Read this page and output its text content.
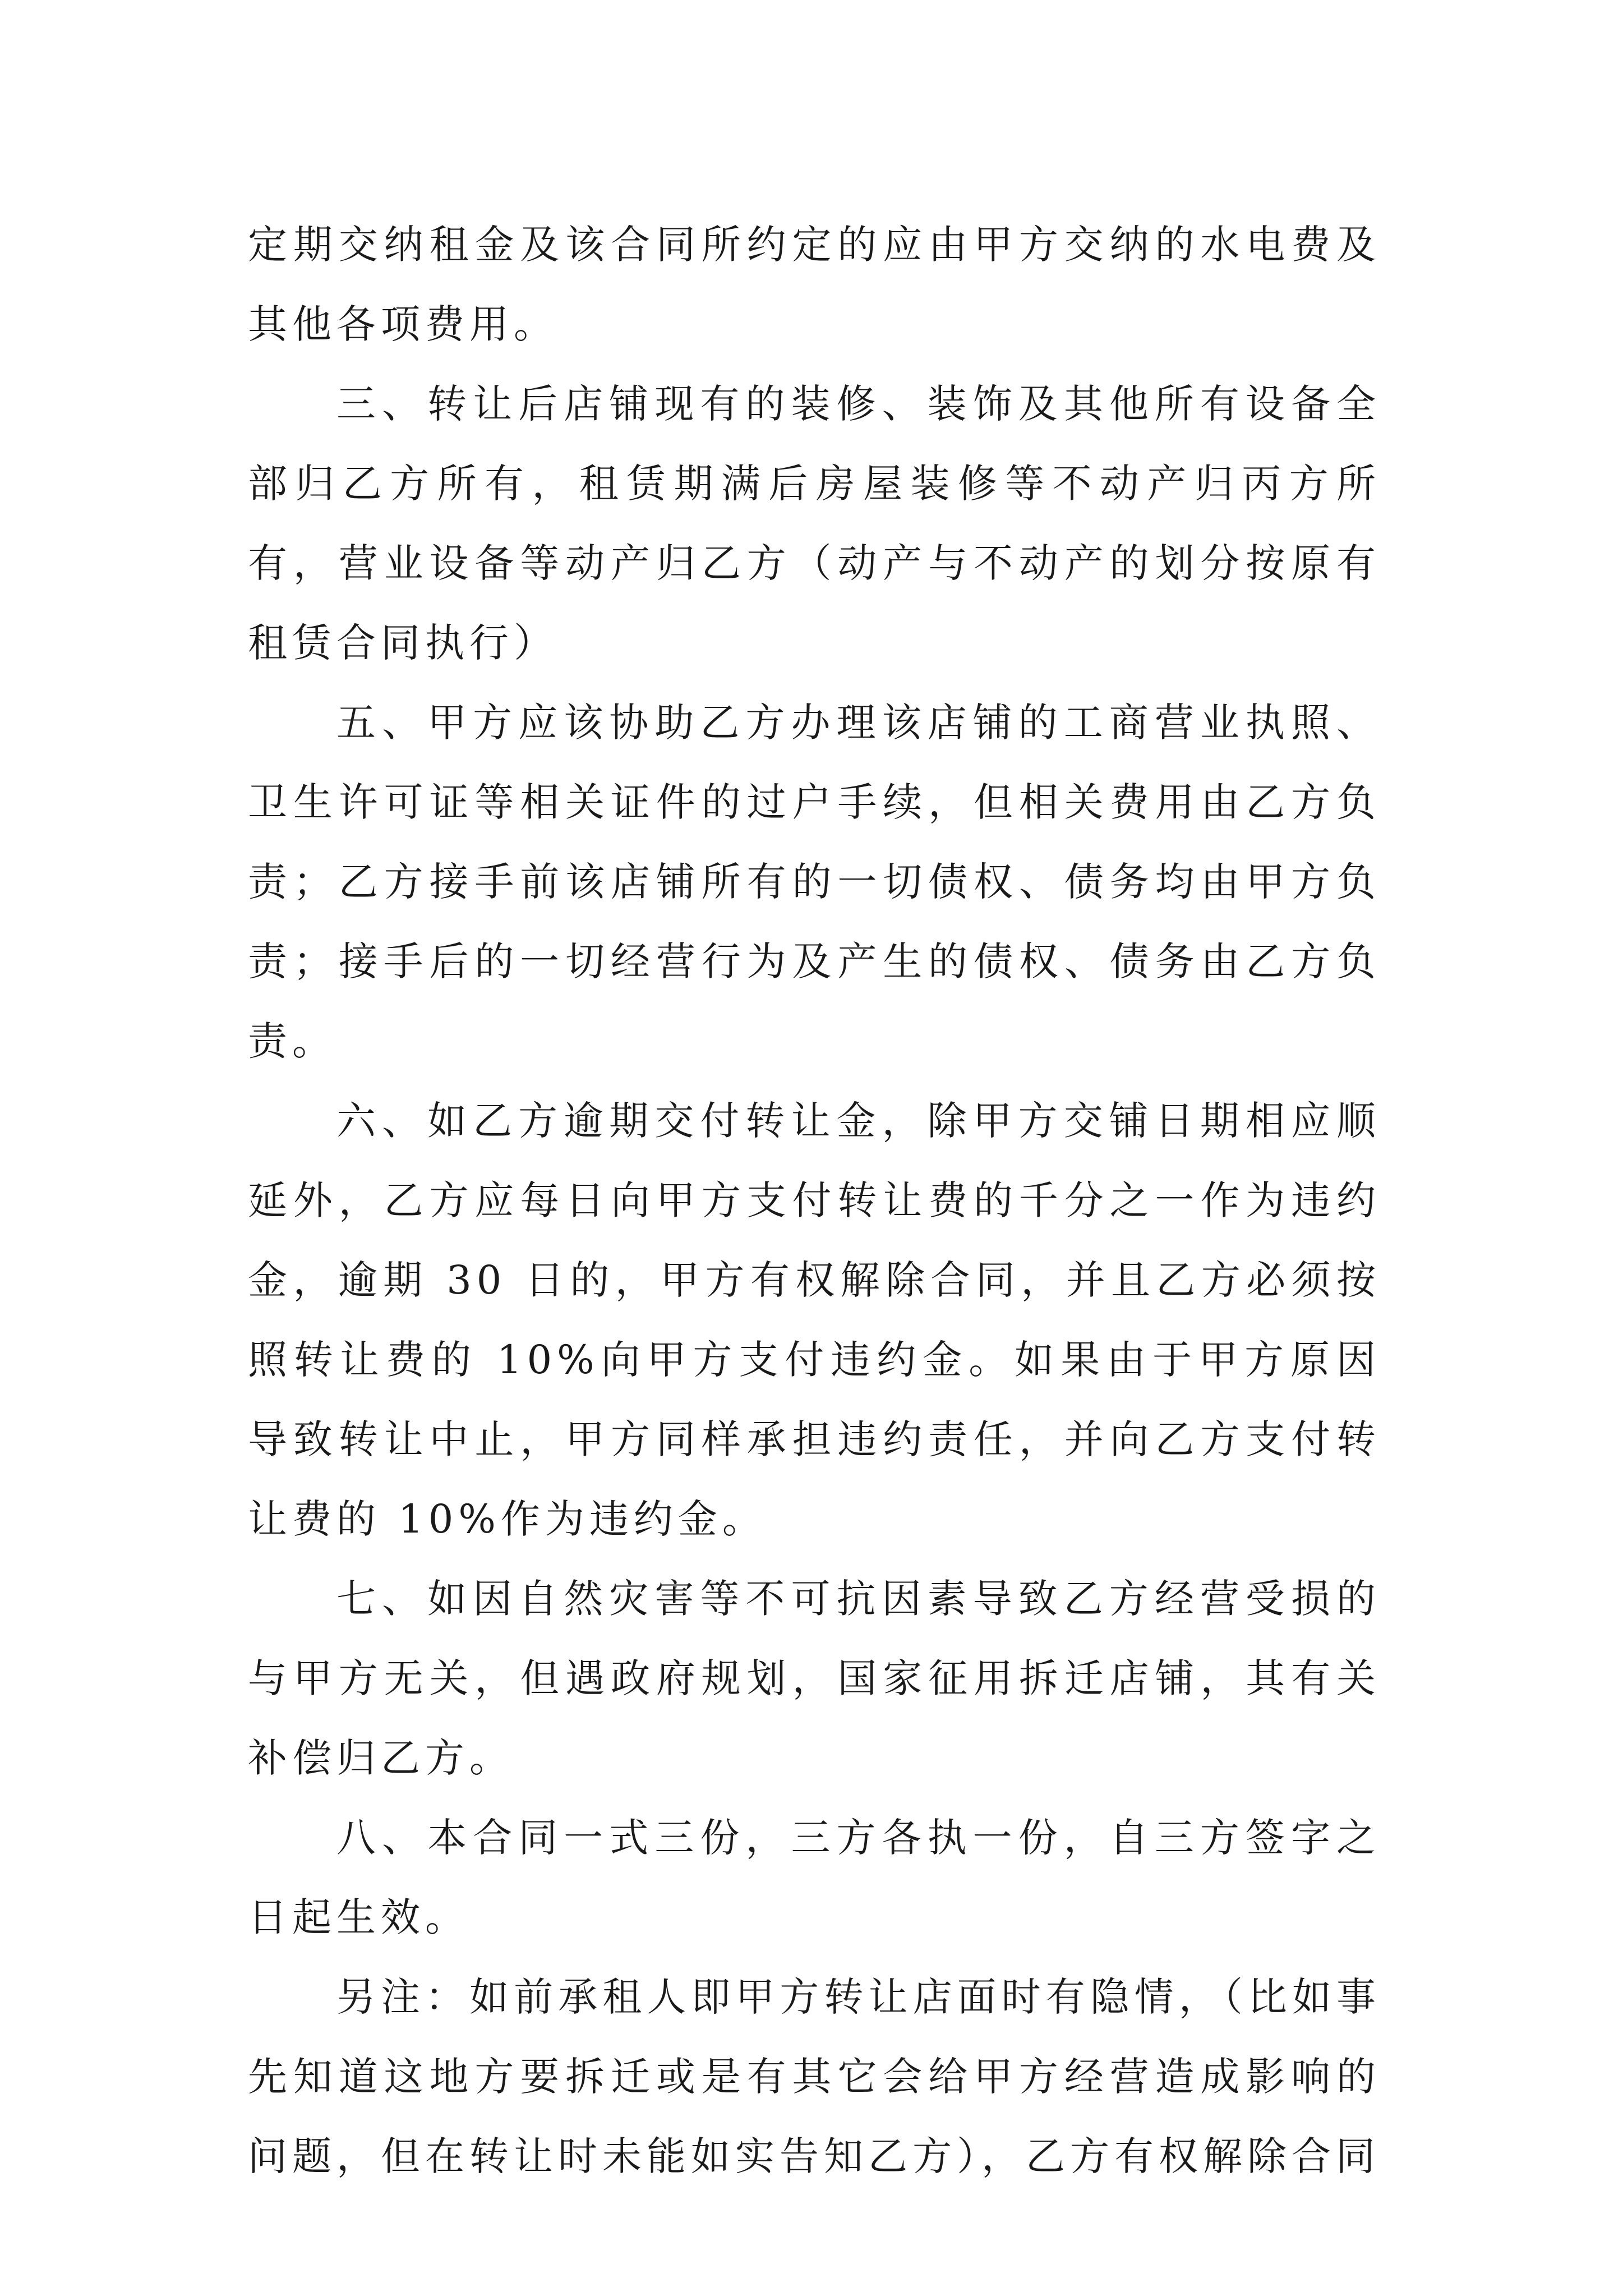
定期交纳租金及该合同所约定的应由甲方交纳的水电费及其他各项费用。

三、转让后店铺现有的装修、装饰及其他所有设备全部归乙方所有，租赁期满后房屋装修等不动产归丙方所有，营业设备等动产归乙方（动产与不动产的划分按原有租赁合同执行）

五、甲方应该协助乙方办理该店铺的工商营业执照、卫生许可证等相关证件的过户手续，但相关费用由乙方负责；乙方接手前该店铺所有的一切债权、债务均由甲方负责；接手后的一切经营行为及产生的债权、债务由乙方负责。

六、如乙方逾期交付转让金，除甲方交铺日期相应顺延外，乙方应每日向甲方支付转让费的千分之一作为违约金，逾期 30 日的，甲方有权解除合同，并且乙方必须按照转让费的 10%向甲方支付违约金。如果由于甲方原因导致转让中止，甲方同样承担违约责任，并向乙方支付转让费的 10%作为违约金。

七、如因自然灾害等不可抗因素导致乙方经营受损的与甲方无关，但遇政府规划，国家征用拆迁店铺，其有关补偿归乙方。

八、本合同一式三份，三方各执一份，自三方签字之日起生效。

另注：如前承租人即甲方转让店面时有隐情，（比如事先知道这地方要拆迁或是有其它会给甲方经营造成影响的问题，但在转让时未能如实告知乙方），乙方有权解除合同
